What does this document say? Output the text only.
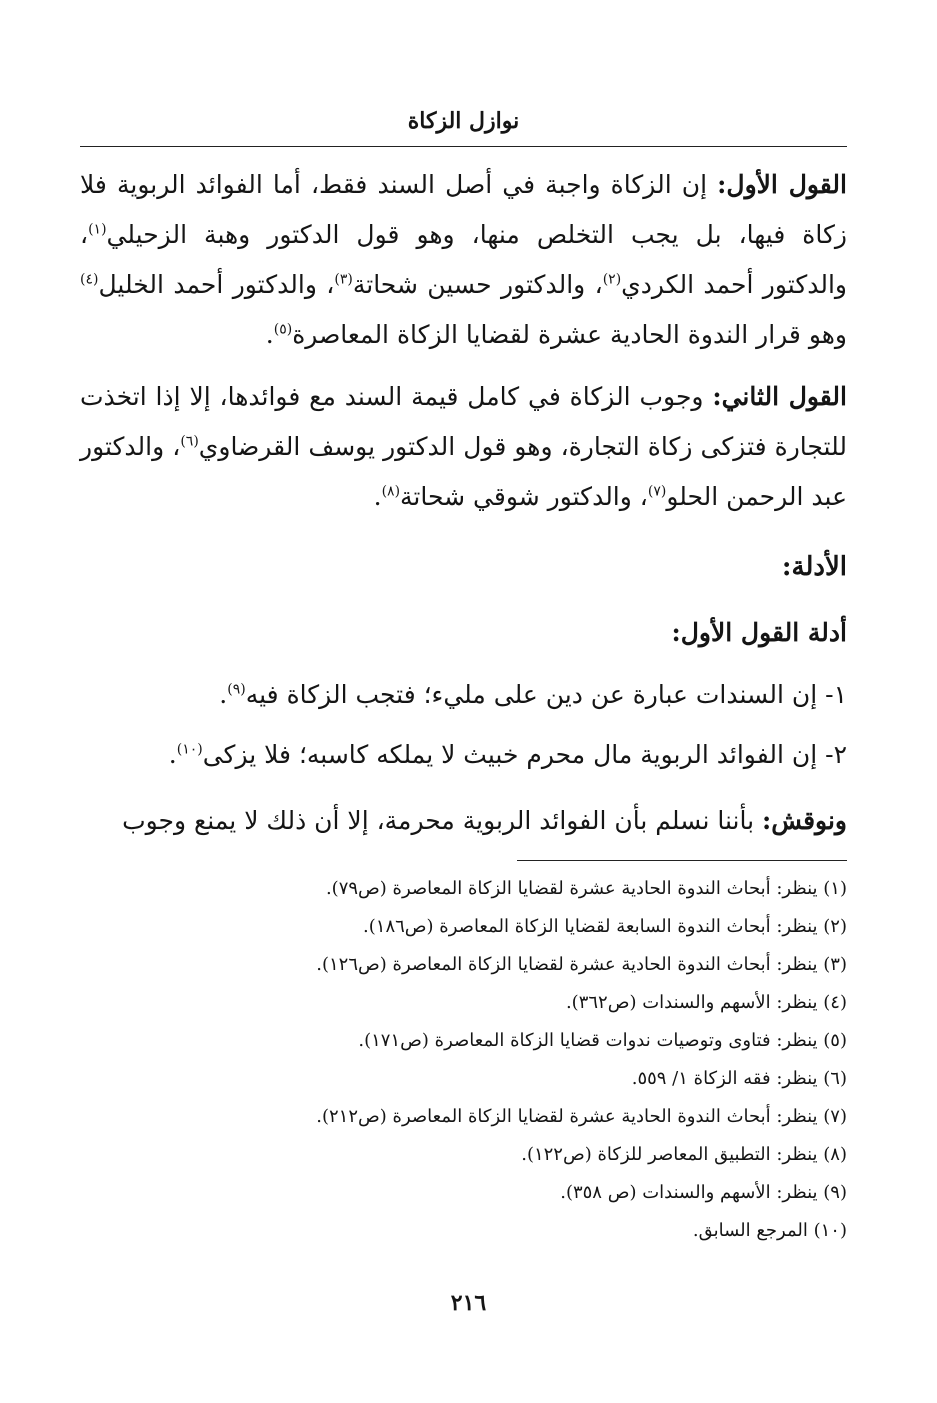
نوازل الزكاة

القول الأول: إن الزكاة واجبة في أصل السند فقط، أما الفوائد الربوية فلا زكاة فيها، بل يجب التخلص منها، وهو قول الدكتور وهبة الزحيلي$^{(١)}$، والدكتور أحمد الكردي$^{(٢)}$، والدكتور حسين شحاتة$^{(٣)}$، والدكتور أحمد الخليل$^{(٤)}$ وهو قرار الندوة الحادية عشرة لقضايا الزكاة المعاصرة$^{(٥)}$.

القول الثاني: وجوب الزكاة في كامل قيمة السند مع فوائدها، إلا إذا اتخذت للتجارة فتزكى زكاة التجارة، وهو قول الدكتور يوسف القرضاوي$^{(٦)}$، والدكتور عبد الرحمن الحلو$^{(٧)}$، والدكتور شوقي شحاتة$^{(٨)}$.

الأدلة:
أدلة القول الأول:
١- إن السندات عبارة عن دين على مليء؛ فتجب الزكاة فيه$^{(٩)}$.
٢- إن الفوائد الربوية مال محرم خبيث لا يملكه كاسبه؛ فلا يزكى$^{(١٠)}$.

ونوقش: بأننا نسلم بأن الفوائد الربوية محرمة، إلا أن ذلك لا يمنع وجوب

(١) ينظر: أبحاث الندوة الحادية عشرة لقضايا الزكاة المعاصرة (ص٧٩).
(٢) ينظر: أبحاث الندوة السابعة لقضايا الزكاة المعاصرة (ص١٨٦).
(٣) ينظر: أبحاث الندوة الحادية عشرة لقضايا الزكاة المعاصرة (ص١٢٦).
(٤) ينظر: الأسهم والسندات (ص٣٦٢).
(٥) ينظر: فتاوى وتوصيات ندوات قضايا الزكاة المعاصرة (ص١٧١).
(٦) ينظر: فقه الزكاة ١/ ٥٥٩.
(٧) ينظر: أبحاث الندوة الحادية عشرة لقضايا الزكاة المعاصرة (ص٢١٢).
(٨) ينظر: التطبيق المعاصر للزكاة (ص١٢٢).
(٩) ينظر: الأسهم والسندات (ص ٣٥٨).
(١٠) المرجع السابق.
٢١٦
